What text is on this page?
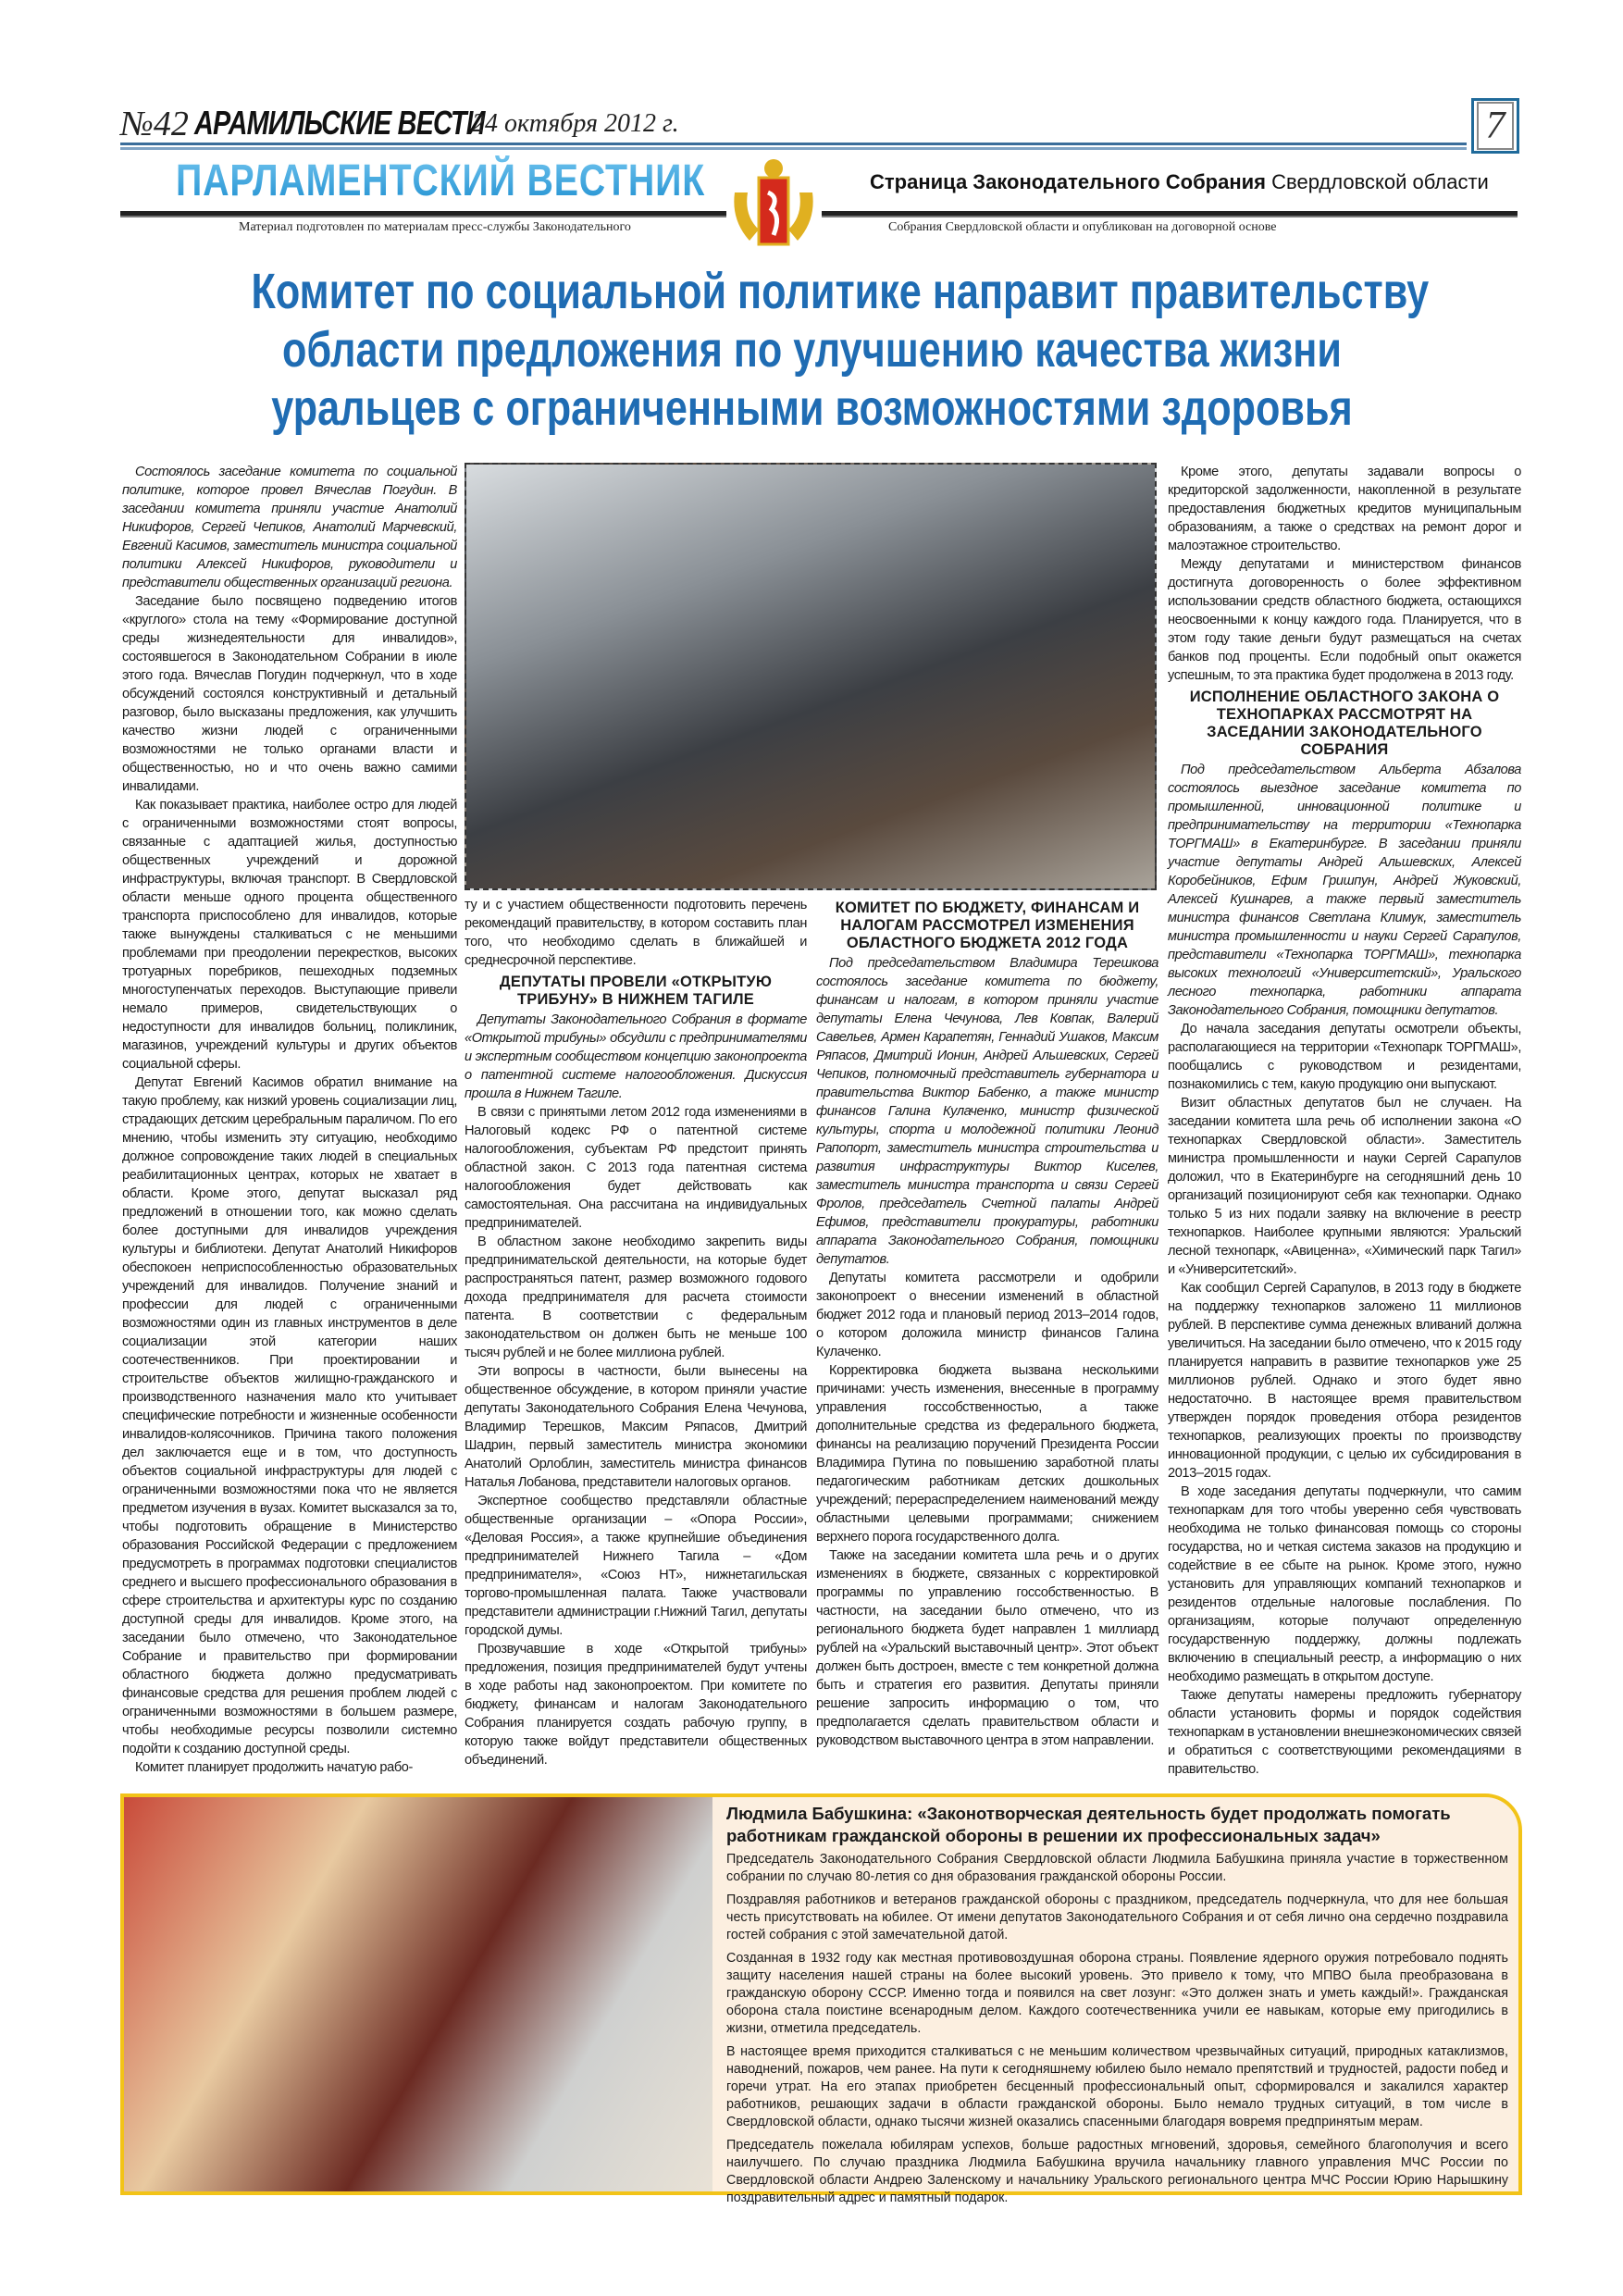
№42 АРАМИЛЬСКИЕ ВЕСТИ
24 октября 2012 г.	7
ПАРЛАМЕНТСКИЙ ВЕСТНИК	Страница Законодательного Собрания Свердловской области
Материал подготовлен по материалам пресс-службы Законодательного	Собрания Свердловской области и опубликован на договорной основе
Комитет по социальной политике направит правительству
области предложения по улучшению качества жизни
уральцев с ограниченными возможностями здоровья

Состоялось заседание комитета по социальной политике, которое провел Вячеслав Погудин. В заседании комитета приняли участие Анатолий Никифоров, Сергей Чепиков, Анатолий Марчевский, Евгений Касимов, заместитель министра социальной политики Алексей Никифоров, руководители и представители общественных организаций региона.

Заседание было посвящено подведению итогов «круглого» стола на тему «Формирование доступной среды жизнедеятельности для инвалидов», состоявшегося в Законодательном Собрании в июле этого года. Вячеслав Погудин подчеркнул, что в ходе обсуждений состоялся конструктивный и детальный разговор, было высказаны предложения, как улучшить качество жизни людей с ограниченными возможностями не только органами власти и общественностью, но и что очень важно самими инвалидами.

Как показывает практика, наиболее остро для людей с ограниченными возможностями стоят вопросы, связанные с адаптацией жилья, доступностью общественных учреждений и дорожной инфраструктуры, включая транспорт. В Свердловской области меньше одного процента общественного транспорта приспособлено для инвалидов, которые также вынуждены сталкиваться с не меньшими проблемами при преодолении перекрестков, высоких тротуарных поребриков, пешеходных подземных многоступенчатых переходов. Выступающие привели немало примеров, свидетельствующих о недоступности для инвалидов больниц, поликлиник, магазинов, учреждений культуры и других объектов социальной сферы.

Депутат Евгений Касимов обратил внимание на такую проблему, как низкий уровень социализации лиц, страдающих детским церебральным параличом. По его мнению, чтобы изменить эту ситуацию, необходимо должное сопровождение таких людей в специальных реабилитационных центрах, которых не хватает в области. Кроме этого, депутат высказал ряд предложений в отношении того, как можно сделать более доступными для инвалидов учреждения культуры и библиотеки. Депутат Анатолий Никифоров обеспокоен неприспособленностью образовательных учреждений для инвалидов. Получение знаний и профессии для людей с ограниченными возможностями один из главных инструментов в деле социализации этой категории наших соотечественников. При проектировании и строительстве объектов жилищно-гражданского и производственного назначения мало кто учитывает специфические потребности и жизненные особенности инвалидов-колясочников. Причина такого положения дел заключается еще и в том, что доступность объектов социальной инфраструктуры для людей с ограниченными возможностями пока что не является предметом изучения в вузах. Комитет высказался за то, чтобы подготовить обращение в Министерство образования Российской Федерации с предложением предусмотреть в программах подготовки специалистов среднего и высшего профессионального образования в сфере строительства и архитектуры курс по созданию доступной среды для инвалидов. Кроме этого, на заседании было отмечено, что Законодательное Собрание и правительство при формировании областного бюджета должно предусматривать финансовые средства для решения проблем людей с ограниченными возможностями в большем размере, чтобы необходимые ресурсы позволили системно подойти к созданию доступной среды.

Комитет планирует продолжить начатую рабо-

ту и с участием общественности подготовить перечень рекомендаций правительству, в котором составить план того, что необходимо сделать в ближайшей и среднесрочной перспективе.

ДЕПУТАТЫ ПРОВЕЛИ «ОТКРЫТУЮ ТРИБУНУ» В НИЖНЕМ ТАГИЛЕ

Депутаты Законодательного Собрания в формате «Открытой трибуны» обсудили с предпринимателями и экспертным сообществом концепцию законопроекта о патентной системе налогообложения. Дискуссия прошла в Нижнем Тагиле.

В связи с принятыми летом 2012 года изменениями в Налоговый кодекс РФ о патентной системе налогообложения, субъектам РФ предстоит принять областной закон. С 2013 года патентная система налогообложения будет действовать как самостоятельная. Она рассчитана на индивидуальных предпринимателей.

В областном законе необходимо закрепить виды предпринимательской деятельности, на которые будет распространяться патент, размер возможного годового дохода предпринимателя для расчета стоимости патента. В соответствии с федеральным законодательством он должен быть не меньше 100 тысяч рублей и не более миллиона рублей.

Эти вопросы в частности, были вынесены на общественное обсуждение, в котором приняли участие депутаты Законодательного Собрания Елена Чечунова, Владимир Терешков, Максим Ряпасов, Дмитрий Шадрин, первый заместитель министра экономики Анатолий Орлоблин, заместитель министра финансов Наталья Лобанова, представители налоговых органов.

Экспертное сообщество представляли областные общественные организации – «Опора России», «Деловая Россия», а также крупнейшие объединения предпринимателей Нижнего Тагила – «Дом предпринимателя», «Союз НТ», нижнетагильская торгово-промышленная палата. Также участвовали представители администрации г.Нижний Тагил, депутаты городской думы.

Прозвучавшие в ходе «Открытой трибуны» предложения, позиция предпринимателей будут учтены в ходе работы над законопроектом. При комитете по бюджету, финансам и налогам Законодательного Собрания планируется создать рабочую группу, в которую также войдут представители общественных объединений.

КОМИТЕТ ПО БЮДЖЕТУ, ФИНАНСАМ И НАЛОГАМ РАССМОТРЕЛ ИЗМЕНЕНИЯ ОБЛАСТНОГО БЮДЖЕТА 2012 ГОДА

Под председательством Владимира Терешкова состоялось заседание комитета по бюджету, финансам и налогам, в котором приняли участие депутаты Елена Чечунова, Лев Ковпак, Валерий Савельев, Армен Карапетян, Геннадий Ушаков, Максим Ряпасов, Дмитрий Ионин, Андрей Альшевских, Сергей Чепиков, полномочный представитель губернатора и правительства Виктор Бабенко, а также министр финансов Галина Кулаченко, министр физической культуры, спорта и молодежной политики Леонид Рапопорт, заместитель министра строительства и развития инфраструктуры Виктор Киселев, заместитель министра транспорта и связи Сергей Фролов, председатель Счетной палаты Андрей Ефимов, представители прокуратуры, работники аппарата Законодательного Собрания, помощники депутатов.

Депутаты комитета рассмотрели и одобрили законопроект о внесении изменений в областной бюджет 2012 года и плановый период 2013–2014 годов, о котором доложила министр финансов Галина Кулаченко.

Корректировка бюджета вызвана несколькими причинами: учесть изменения, внесенные в программу управления госсобственностью, а также дополнительные средства из федерального бюджета, финансы на реализацию поручений Президента России Владимира Путина по повышению заработной платы педагогическим работникам детских дошкольных учреждений; перераспределением наименований между областными целевыми программами; снижением верхнего порога государственного долга.

Также на заседании комитета шла речь и о других изменениях в бюджете, связанных с корректировкой программы по управлению госсобственностью. В частности, на заседании было отмечено, что из регионального бюджета будет направлен 1 миллиард рублей на «Уральский выставочный центр». Этот объект должен быть достроен, вместе с тем конкретной должна быть и стратегия его развития. Депутаты приняли решение запросить информацию о том, что предполагается сделать правительством области и руководством выставочного центра в этом направлении.

Кроме этого, депутаты задавали вопросы о кредиторской задолженности, накопленной в результате предоставления бюджетных кредитов муниципальным образованиям, а также о средствах на ремонт дорог и малоэтажное строительство.

Между депутатами и министерством финансов достигнута договоренность о более эффективном использовании средств областного бюджета, остающихся неосвоенными к концу каждого года. Планируется, что в этом году такие деньги будут размещаться на счетах банков под проценты. Если подобный опыт окажется успешным, то эта практика будет продолжена в 2013 году.

ИСПОЛНЕНИЕ ОБЛАСТНОГО ЗАКОНА О ТЕХНОПАРКАХ РАССМОТРЯТ НА ЗАСЕДАНИИ ЗАКОНОДАТЕЛЬНОГО СОБРАНИЯ

Под председательством Альберта Абзалова состоялось выездное заседание комитета по промышленной, инновационной политике и предпринимательству на территории «Технопарка ТОРГМАШ» в Екатеринбурге. В заседании приняли участие депутаты Андрей Альшевских, Алексей Коробейников, Ефим Гришпун, Андрей Жуковский, Алексей Кушнарев, а также первый заместитель министра финансов Светлана Климук, заместитель министра промышленности и науки Сергей Сарапулов, представители «Технопарка ТОРГМАШ», технопарка высоких технологий «Университетский», Уральского лесного технопарка, работники аппарата Законодательного Собрания, помощники депутатов.

До начала заседания депутаты осмотрели объекты, располагающиеся на территории «Технопарк ТОРГМАШ», пообщались с руководством и резидентами, познакомились с тем, какую продукцию они выпускают.

Визит областных депутатов был не случаен. На заседании комитета шла речь об исполнении закона «О технопарках Свердловской области». Заместитель министра промышленности и науки Сергей Сарапулов доложил, что в Екатеринбурге на сегодняшний день 10 организаций позиционируют себя как технопарки. Однако только 5 из них подали заявку на включение в реестр технопарков. Наиболее крупными являются: Уральский лесной технопарк, «Авиценна», «Химический парк Тагил» и «Университетский».

Как сообщил Сергей Сарапулов, в 2013 году в бюджете на поддержку технопарков заложено 11 миллионов рублей. В перспективе сумма денежных вливаний должна увеличиться. На заседании было отмечено, что к 2015 году планируется направить в развитие технопарков уже 25 миллионов рублей. Однако и этого будет явно недостаточно. В настоящее время правительством утвержден порядок проведения отбора резидентов технопарков, реализующих проекты по производству инновационной продукции, с целью их субсидирования в 2013–2015 годах.

В ходе заседания депутаты подчеркнули, что самим технопаркам для того чтобы уверенно себя чувствовать необходима не только финансовая помощь со стороны государства, но и четкая система заказов на продукцию и содействие в ее сбыте на рынок. Кроме этого, нужно установить для управляющих компаний технопарков и резидентов отдельные налоговые послабления. По организациям, которые получают определенную государственную поддержку, должны подлежать включению в специальный реестр, а информацию о них необходимо размещать в открытом доступе.

Также депутаты намерены предложить губернатору области установить формы и порядок содействия технопаркам в установлении внешнеэкономических связей и обратиться с соответствующими рекомендациями в правительство.

Людмила Бабушкина: «Законотворческая деятельность будет продолжать помогать работникам гражданской обороны в решении их профессиональных задач»

Председатель Законодательного Собрания Свердловской области Людмила Бабушкина приняла участие в торжественном собрании по случаю 80-летия со дня образования гражданской обороны России.

Поздравляя работников и ветеранов гражданской обороны с праздником, председатель подчеркнула, что для нее большая честь присутствовать на юбилее. От имени депутатов Законодательного Собрания и от себя лично она сердечно поздравила гостей собрания с этой замечательной датой.

Созданная в 1932 году как местная противовоздушная оборона страны. Появление ядерного оружия потребовало поднять защиту населения нашей страны на более высокий уровень. Это привело к тому, что МПВО была преобразована в гражданскую оборону СССР. Именно тогда и появился на свет лозунг: «Это должен знать и уметь каждый!». Гражданская оборона стала поистине всенародным делом. Каждого соотечественника учили ее навыкам, которые ему пригодились в жизни, отметила председатель.

В настоящее время приходится сталкиваться с не меньшим количеством чрезвычайных ситуаций, природных катаклизмов, наводнений, пожаров, чем ранее. На пути к сегодняшнему юбилею было немало препятствий и трудностей, радости побед и горечи утрат. На его этапах приобретен бесценный профессиональный опыт, сформировался и закалился характер работников, решающих задачи в области гражданской обороны. Было немало трудных ситуаций, в том числе в Свердловской области, однако тысячи жизней оказались спасенными благодаря вовремя предпринятым мерам.

Председатель пожелала юбилярам успехов, больше радостных мгновений, здоровья, семейного благополучия и всего наилучшего. По случаю праздника Людмила Бабушкина вручила начальнику главного управления МЧС России по Свердловской области Андрею Заленскому и начальнику Уральского регионального центра МЧС России Юрию Нарышкину поздравительный адрес и памятный подарок.
